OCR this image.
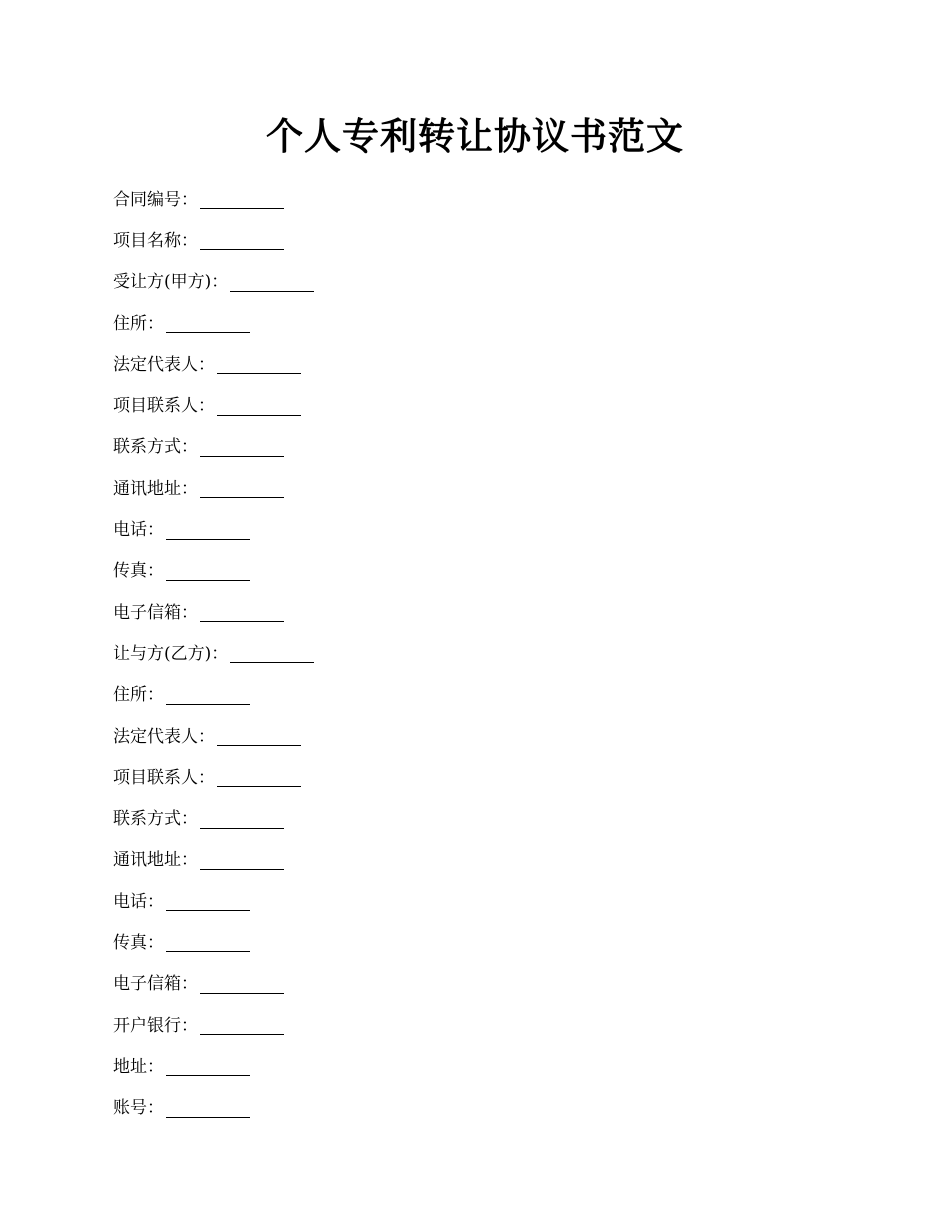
个人专利转让协议书范文
合同编号：
项目名称：
受让方(甲方)：
住所：
法定代表人：
项目联系人：
联系方式：
通讯地址：
电话：
传真：
电子信箱：
让与方(乙方)：
住所：
法定代表人：
项目联系人：
联系方式：
通讯地址：
电话：
传真：
电子信箱：
开户银行：
地址：
账号：
